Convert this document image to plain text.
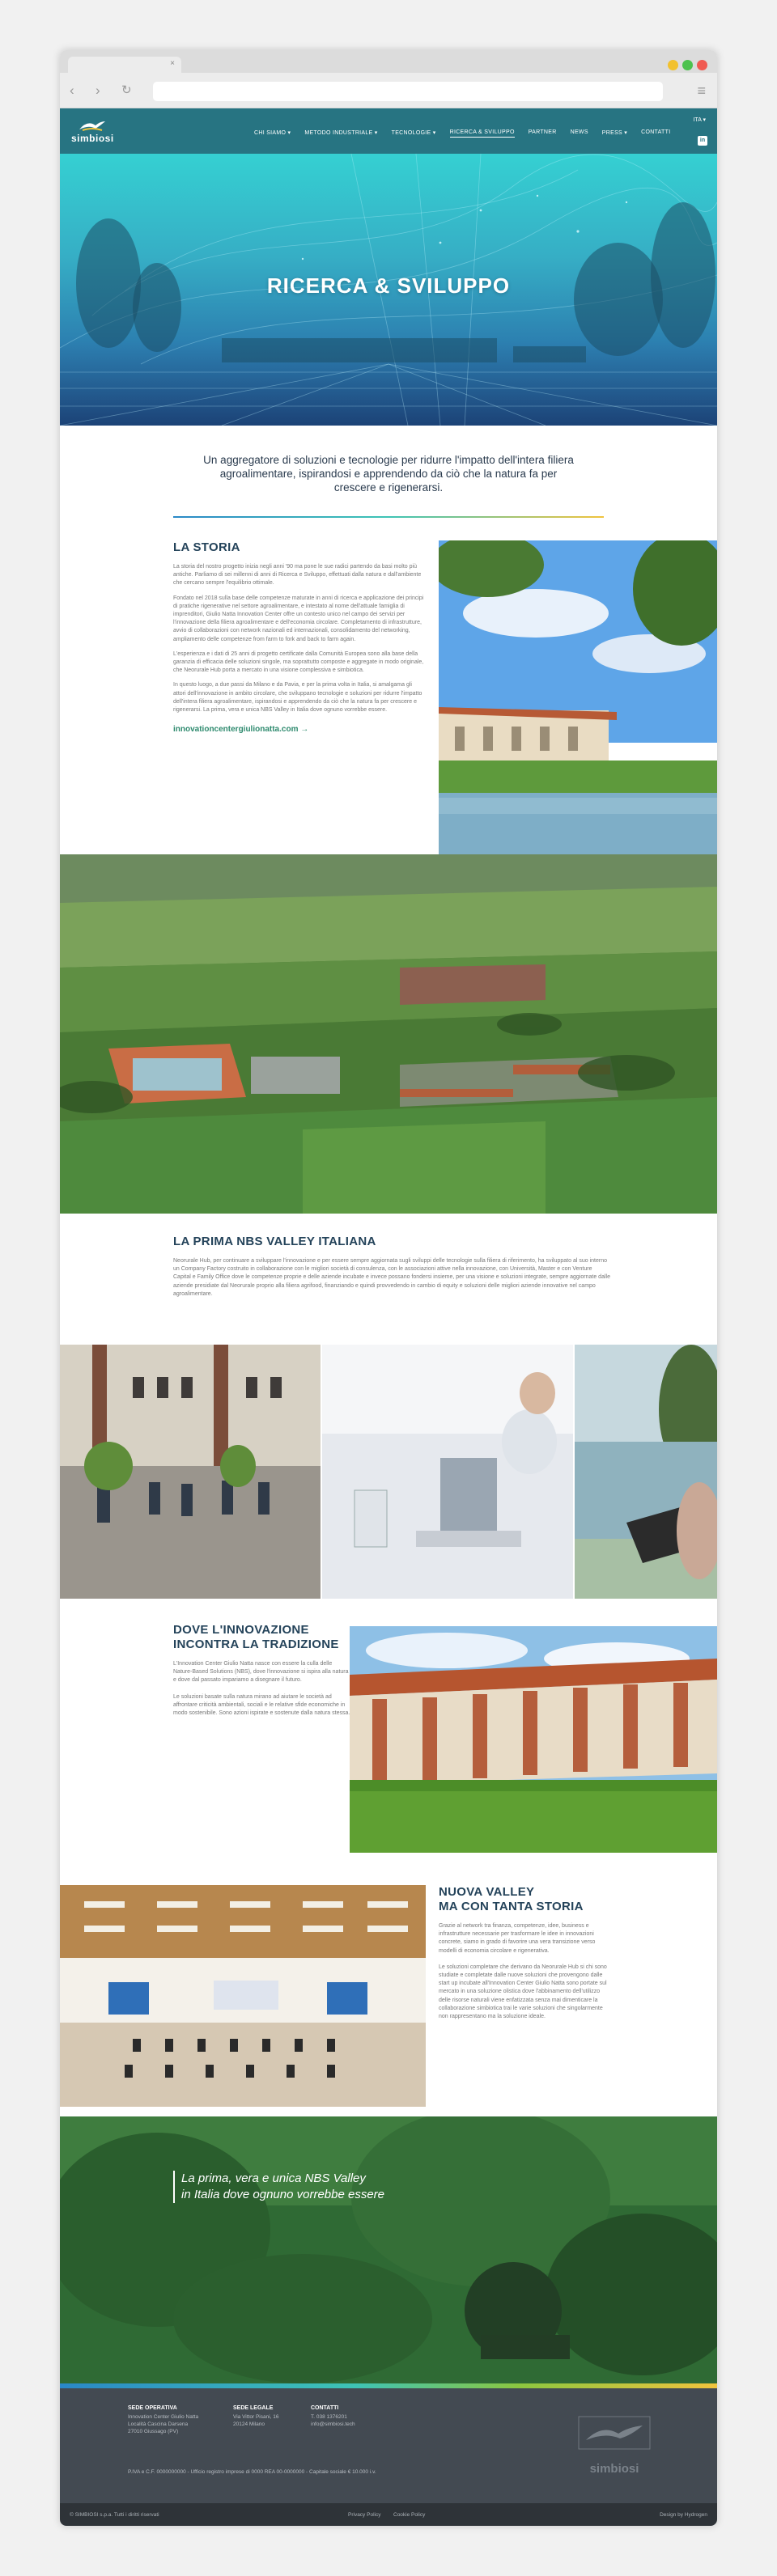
×
‹ › ↻	≡
simbiosi	CHI SIAMO ▾ METODO INDUSTRIALE ▾ TECNOLOGIE ▾ RICERCA & SVILUPPO PARTNER NEWS PRESS ▾ CONTATTI
ITA ▾
in
RICERCA & SVILUPPO

Un aggregatore di soluzioni e tecnologie per ridurre l'impatto dell'intera filiera agroalimentare, ispirandosi e apprendendo da ciò che la natura fa per crescere e rigenerarsi.

LA STORIA

La storia del nostro progetto inizia negli anni '90 ma pone le sue radici partendo da basi molto più antiche. Parliamo di sei millenni di anni di Ricerca e Sviluppo, effettuati dalla natura e dall'ambiente che cercano sempre l'equilibrio ottimale.

Fondato nel 2018 sulla base delle competenze maturate in anni di ricerca e applicazione dei principi di pratiche rigenerative nel settore agroalimentare, e intestato al nome dell'attuale famiglia di imprenditori, Giulio Natta Innovation Center offre un contesto unico nel campo dei servizi per l'innovazione della filiera agroalimentare e dell'economia circolare. Completamento di infrastrutture, avvio di collaborazioni con network nazionali ed internazionali, consolidamento del networking, ampliamento delle competenze from farm to fork and back to farm again.

L'esperienza e i dati di 25 anni di progetto certificate dalla Comunità Europea sono alla base della garanzia di efficacia delle soluzioni singole, ma soprattutto composte e aggregate in modo originale, che Neorurale Hub porta a mercato in una visione complessiva e simbiotica.

In questo luogo, a due passi da Milano e da Pavia, e per la prima volta in Italia, si amalgama gli attori dell'innovazione in ambito circolare, che sviluppano tecnologie e soluzioni per ridurre l'impatto dell'intera filiera agroalimentare, ispirandosi e apprendendo da ciò che la natura fa per crescere e rigenerarsi. La prima, vera e unica NBS Valley in Italia dove ognuno vorrebbe essere.

innovationcentergiulionatta.com →
LA PRIMA NBS VALLEY ITALIANA

Neorurale Hub, per continuare a sviluppare l'innovazione e per essere sempre aggiornata sugli sviluppi delle tecnologie sulla filiera di riferimento, ha sviluppato al suo interno un Company Factory costruito in collaborazione con le migliori società di consulenza, con le associazioni attive nella innovazione, con Università, Master e con Venture Capital e Family Office dove le competenze proprie e delle aziende incubate e invece possano fondersi insieme, per una visione e soluzioni integrate, sempre aggiornate dalle aziende presidiate dal Neorurale proprio alla filiera agrifood, finanziando e quindi provvedendo in cambio di equity e soluzioni delle migliori aziende innovative nel campo agroalimentare.

DOVE L'INNOVAZIONE
INCONTRA LA TRADIZIONE

L'Innovation Center Giulio Natta nasce con essere la culla delle Nature-Based Solutions (NBS), dove l'innovazione si ispira alla natura e dove dal passato impariamo a disegnare il futuro.

Le soluzioni basate sulla natura mirano ad aiutare le società ad affrontare criticità ambientali, sociali e le relative sfide economiche in modo sostenibile. Sono azioni ispirate e sostenute dalla natura stessa.

NUOVA VALLEY
MA CON TANTA STORIA

Grazie al network tra finanza, competenze, idee, business e infrastrutture necessarie per trasformare le idee in innovazioni concrete, siamo in grado di favorire una vera transizione verso modelli di economia circolare e rigenerativa.

Le soluzioni completare che derivano da Neorurale Hub si chi sono studiate e completate dalle nuove soluzioni che provengono dalle start up incubate all'Innovation Center Giulio Natta sono portate sul mercato in una soluzione olistica dove l'abbinamento dell'utilizzo delle risorse naturali viene enfatizzata senza mai dimenticare la collaborazione simbiotica trai le varie soluzioni che singolarmente non rappresentano ma la soluzione ideale.

La prima, vera e unica NBS Valley
in Italia dove ognuno vorrebbe essere
SEDE OPERATIVA
Innovation Center Giulio Natta
Località Cascina Darsena
27010 Giussago (PV)
SEDE LEGALE
Via Vittor Pisani, 16
20124 Milano
CONTATTI
T. 038 1376201
info@simbiosi.tech
P.IVA e C.F. 0000000000 - Ufficio registro imprese di 0000 REA 00-0000000 - Capitale sociale € 10.000 i.v.	simbiosi
© SIMBIOSI s.p.a. Tutti i diritti riservati	Privacy Policy Cookie Policy	Design by Hydrogen
